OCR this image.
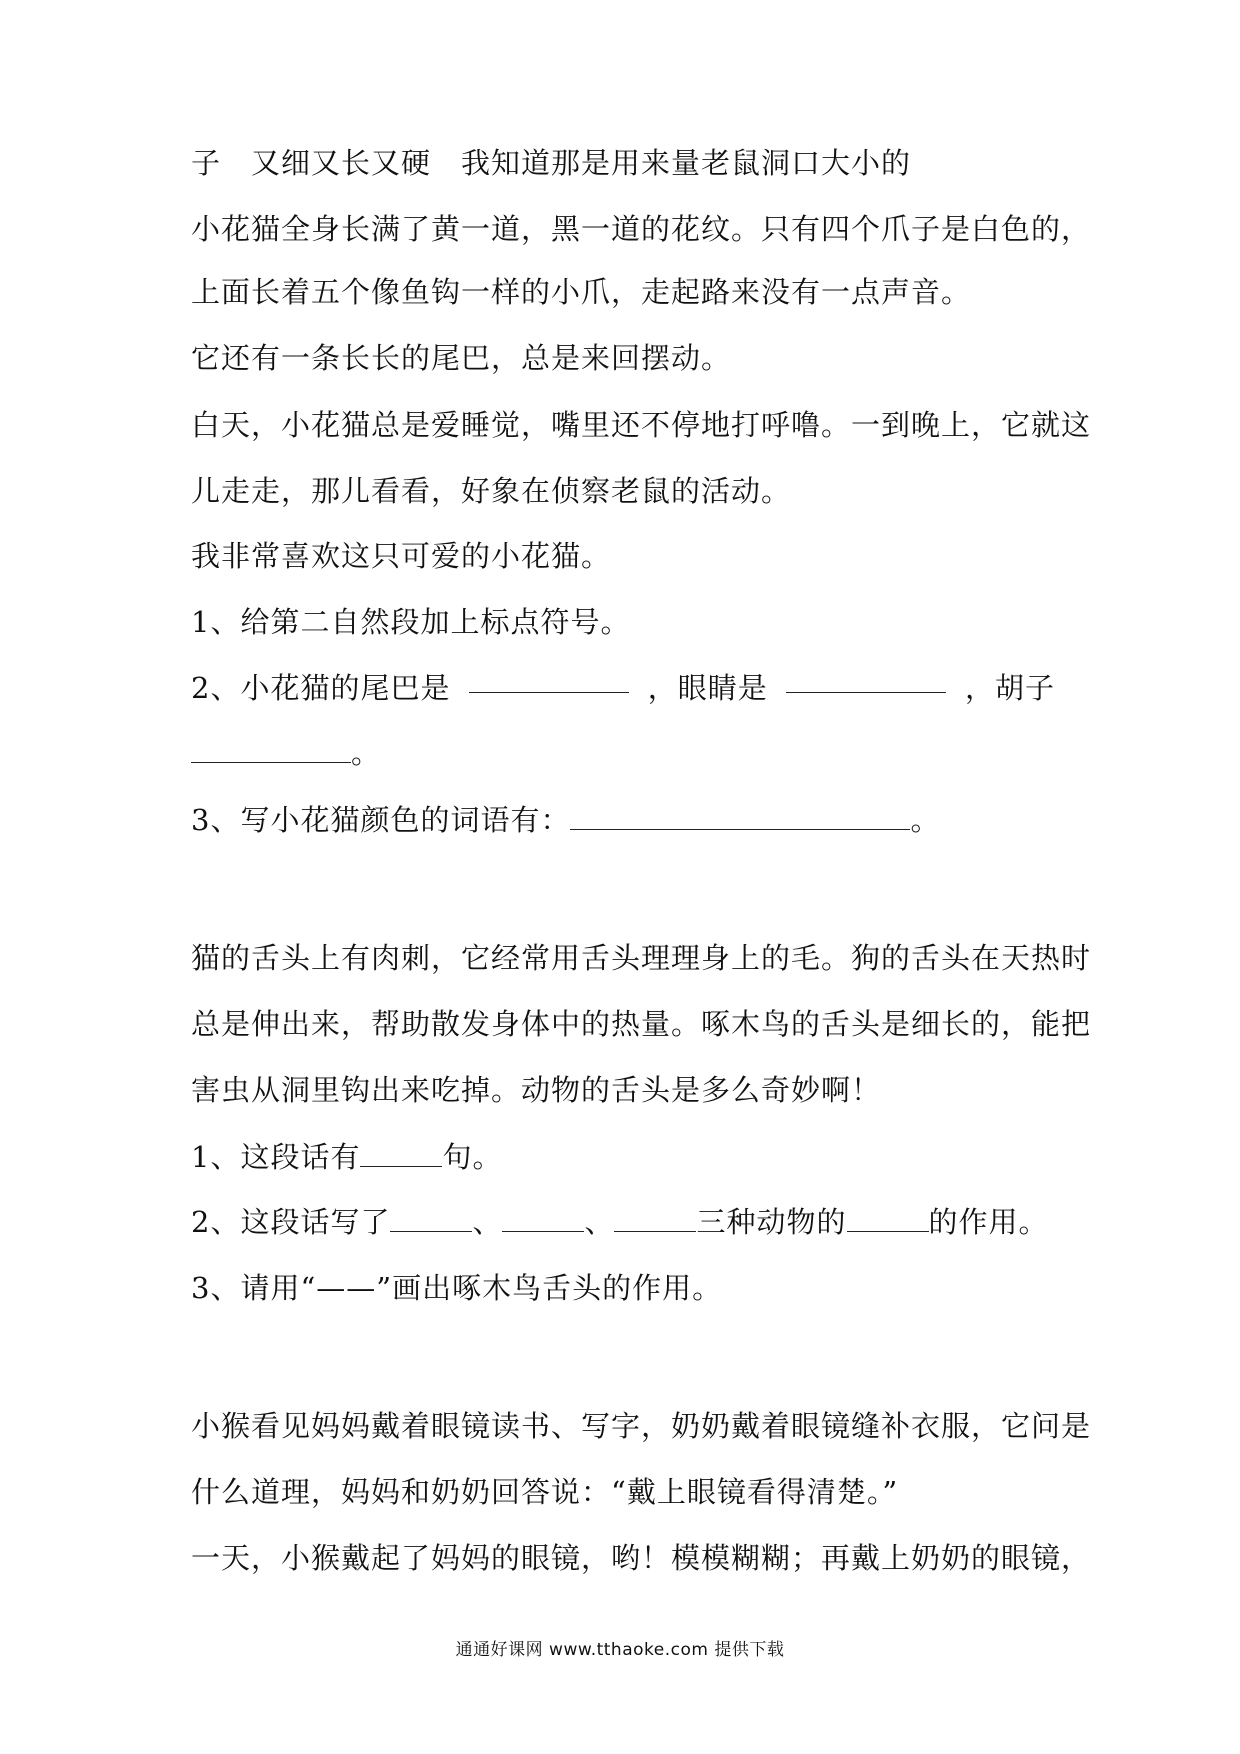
子　又细又长又硬　我知道那是用来量老鼠洞口大小的
小花猫全身长满了黄一道，黑一道的花纹。只有四个爪子是白色的，
上面长着五个像鱼钩一样的小爪，走起路来没有一点声音。
它还有一条长长的尾巴，总是来回摆动。
白天，小花猫总是爱睡觉，嘴里还不停地打呼噜。一到晚上，它就这
儿走走，那儿看看，好象在侦察老鼠的活动。
我非常喜欢这只可爱的小花猫。
1、给第二自然段加上标点符号。
2、小花猫的尾巴是	，眼睛是	，胡子
。
3、写小花猫颜色的词语有：	。
猫的舌头上有肉刺，它经常用舌头理理身上的毛。狗的舌头在天热时
总是伸出来，帮助散发身体中的热量。啄木鸟的舌头是细长的，能把
害虫从洞里钩出来吃掉。动物的舌头是多么奇妙啊！
1、这段话有	句。
2、这段话写了	、	、	三种动物的	的作用。
3、请用“——”画出啄木鸟舌头的作用。
小猴看见妈妈戴着眼镜读书、写字，奶奶戴着眼镜缝补衣服，它问是
什么道理，妈妈和奶奶回答说：“戴上眼镜看得清楚。”
一天，小猴戴起了妈妈的眼镜，哟！模模糊糊；再戴上奶奶的眼镜，
通通好课网 www.tthaoke.com 提供下载
